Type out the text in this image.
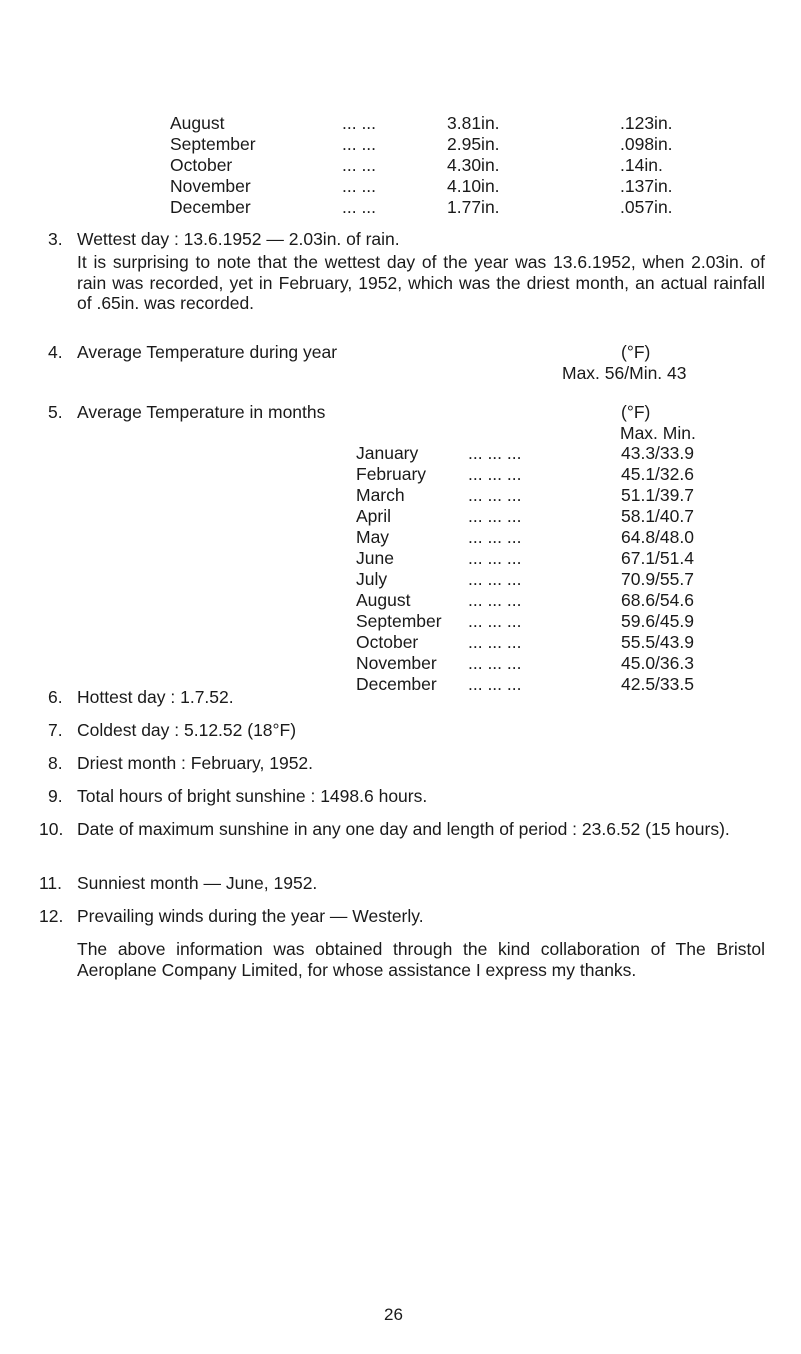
August	... ...	3.81in.	.123in.
September	... ...	2.95in.	.098in.
October	... ...	4.30in.	.14in.
November	... ...	4.10in.	.137in.
December	... ...	1.77in.	.057in.
3. Wettest day : 13.6.1952 — 2.03in. of rain.

It is surprising to note that the wettest day of the year was 13.6.1952, when 2.03in. of rain was recorded, yet in February, 1952, which was the driest month, an actual rainfall of .65in. was recorded.

4. Average Temperature during year	(°F)
Max. 56/Min. 43
5. Average Temperature in months	(°F)
Max. Min.
January	... ... ...	43.3/33.9
February ... ... ...	45.1/32.6
March	... ... ...	51.1/39.7
April	... ... ...	58.1/40.7
May	... ... ...	64.8/48.0
June	... ... ...	67.1/51.4
July	... ... ...	70.9/55.7
August	... ... ...	68.6/54.6
September ... ... ...	59.6/45.9
October	... ... ...	55.5/43.9
November ... ... ...	45.0/36.3
December ... ... ...	42.5/33.5
6. Hottest day : 1.7.52.
7. Coldest day : 5.12.52 (18°F)
8. Driest month : February, 1952.
9. Total hours of bright sunshine : 1498.6 hours.
10. Date of maximum sunshine in any one day and length of period : 23.6.52 (15 hours).

11. Sunniest month — June, 1952.
12. Prevailing winds during the year — Westerly.

The above information was obtained through the kind collaboration of The Bristol Aeroplane Company Limited, for whose assistance I express my thanks.

26
